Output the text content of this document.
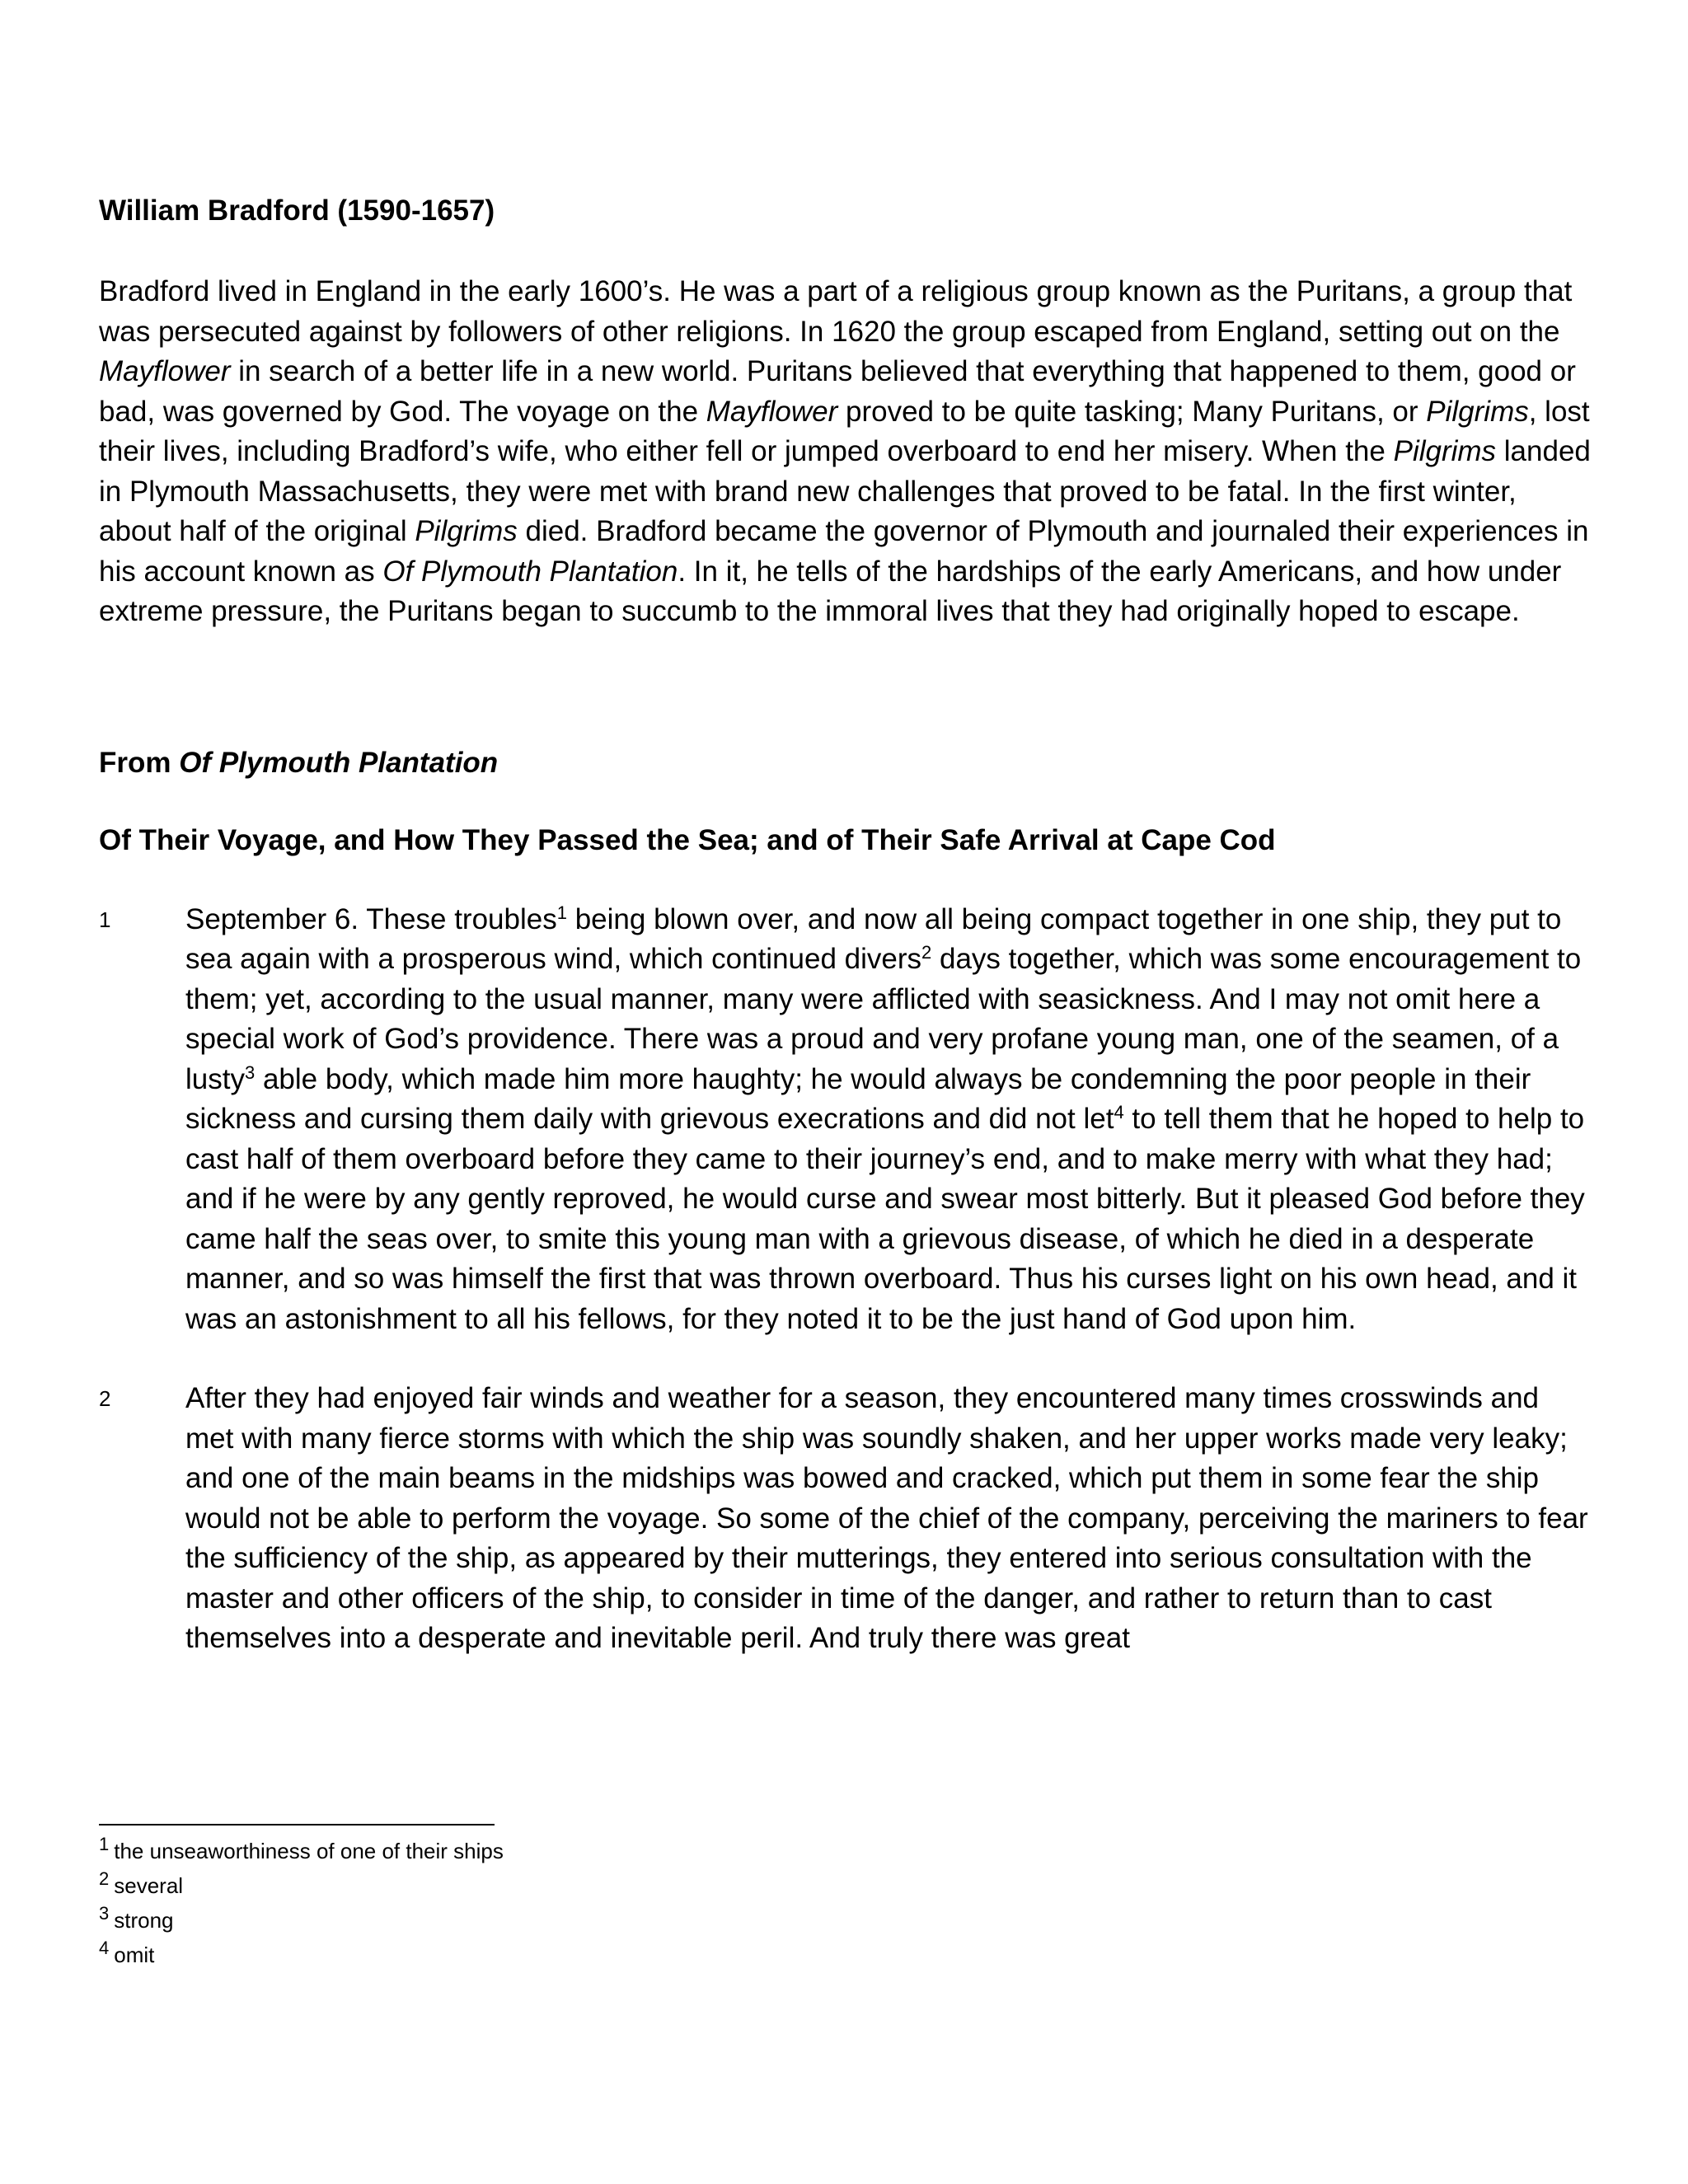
William Bradford (1590-1657)

Bradford lived in England in the early 1600’s. He was a part of a religious group known as the Puritans, a group that was persecuted against by followers of other religions. In 1620 the group escaped from England, setting out on the Mayflower in search of a better life in a new world. Puritans believed that everything that happened to them, good or bad, was governed by God. The voyage on the Mayflower proved to be quite tasking; Many Puritans, or Pilgrims, lost their lives, including Bradford’s wife, who either fell or jumped overboard to end her misery. When the Pilgrims landed in Plymouth Massachusetts, they were met with brand new challenges that proved to be fatal. In the first winter, about half of the original Pilgrims died. Bradford became the governor of Plymouth and journaled their experiences in his account known as Of Plymouth Plantation. In it, he tells of the hardships of the early Americans, and how under extreme pressure, the Puritans began to succumb to the immoral lives that they had originally hoped to escape.

From Of Plymouth Plantation

Of Their Voyage, and How They Passed the Sea; and of Their Safe Arrival at Cape Cod

1	September 6. These troubles$^1$ being blown over, and now all being compact together in one ship, they put to sea again with a prosperous wind, which continued divers$^2$ days together, which was some encouragement to them; yet, according to the usual manner, many were afflicted with seasickness. And I may not omit here a special work of God’s providence. There was a proud and very profane young man, one of the seamen, of a lusty$^3$ able body, which made him more haughty; he would always be condemning the poor people in their sickness and cursing them daily with grievous execrations and did not let$^4$ to tell them that he hoped to help to cast half of them overboard before they came to their journey’s end, and to make merry with what they had; and if he were by any gently reproved, he would curse and swear most bitterly. But it pleased God before they came half the seas over, to smite this young man with a grievous disease, of which he died in a desperate manner, and so was himself the first that was thrown overboard. Thus his curses light on his own head, and it was an astonishment to all his fellows, for they noted it to be the just hand of God upon him.
2	After they had enjoyed fair winds and weather for a season, they encountered many times crosswinds and met with many fierce storms with which the ship was soundly shaken, and her upper works made very leaky; and one of the main beams in the midships was bowed and cracked, which put them in some fear the ship would not be able to perform the voyage. So some of the chief of the company, perceiving the mariners to fear the sufficiency of the ship, as appeared by their mutterings, they entered into serious consultation with the master and other officers of the ship, to consider in time of the danger, and rather to return than to cast themselves into a desperate and inevitable peril. And truly there was great
$^1$ the unseaworthiness of one of their ships
$^2$ several
$^3$ strong
$^4$ omit
